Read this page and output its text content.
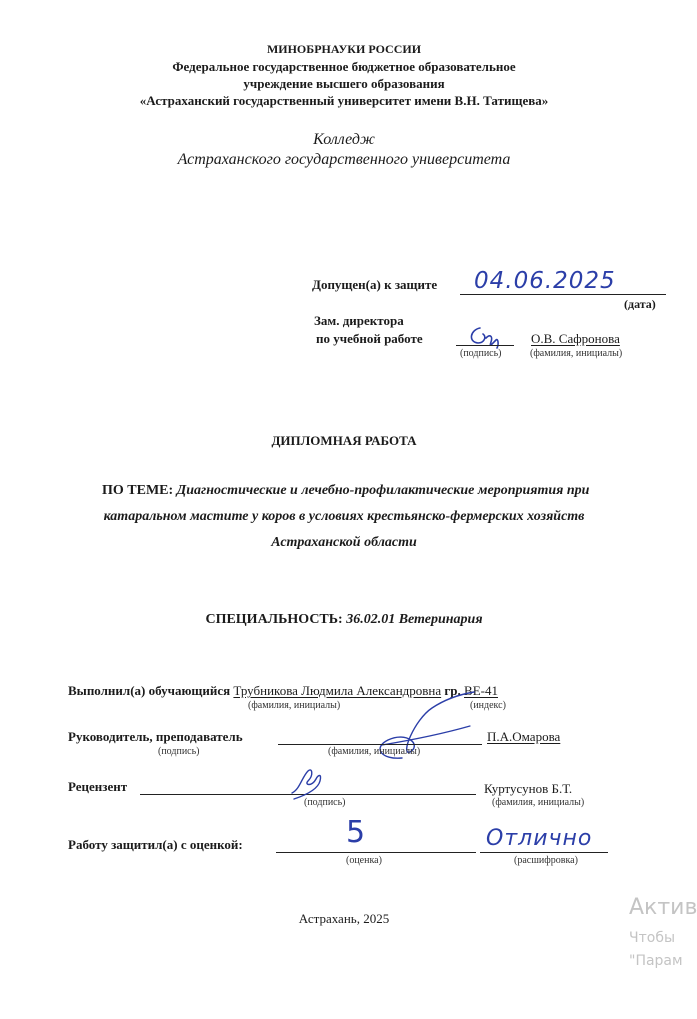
МИНОБРНАУКИ РОССИИ
Федеральное государственное бюджетное образовательное
учреждение высшего образования
«Астраханский государственный университет имени В.Н. Татищева»
Колледж
Астраханского государственного университета
Допущен(а) к защите 04.06.2025
(дата)
Зам. директора
по учебной работе	О.В. Сафронова
(подпись)	(фамилия, инициалы)
ДИПЛОМНАЯ РАБОТА
ПО ТЕМЕ: Диагностические и лечебно-профилактические мероприятия при
катаральном мастите у коров в условиях крестьянско-фермерских хозяйств
Астраханской области
СПЕЦИАЛЬНОСТЬ: 36.02.01 Ветеринария
Выполнил(а) обучающийся Трубникова Людмила Александровна гр. ВЕ-41
(фамилия, инициалы)	(индекс)
Руководитель, преподаватель	П.А.Омарова
(подпись)	(фамилия, инициалы)
Рецензент	Куртусунов Б.Т.
(подпись)	(фамилия, инициалы)
Работу защитил(а) с оценкой:	5	Отлично
(оценка)	(расшифровка)
Астрахань, 2025	Актив
Чтобы
"Парам
